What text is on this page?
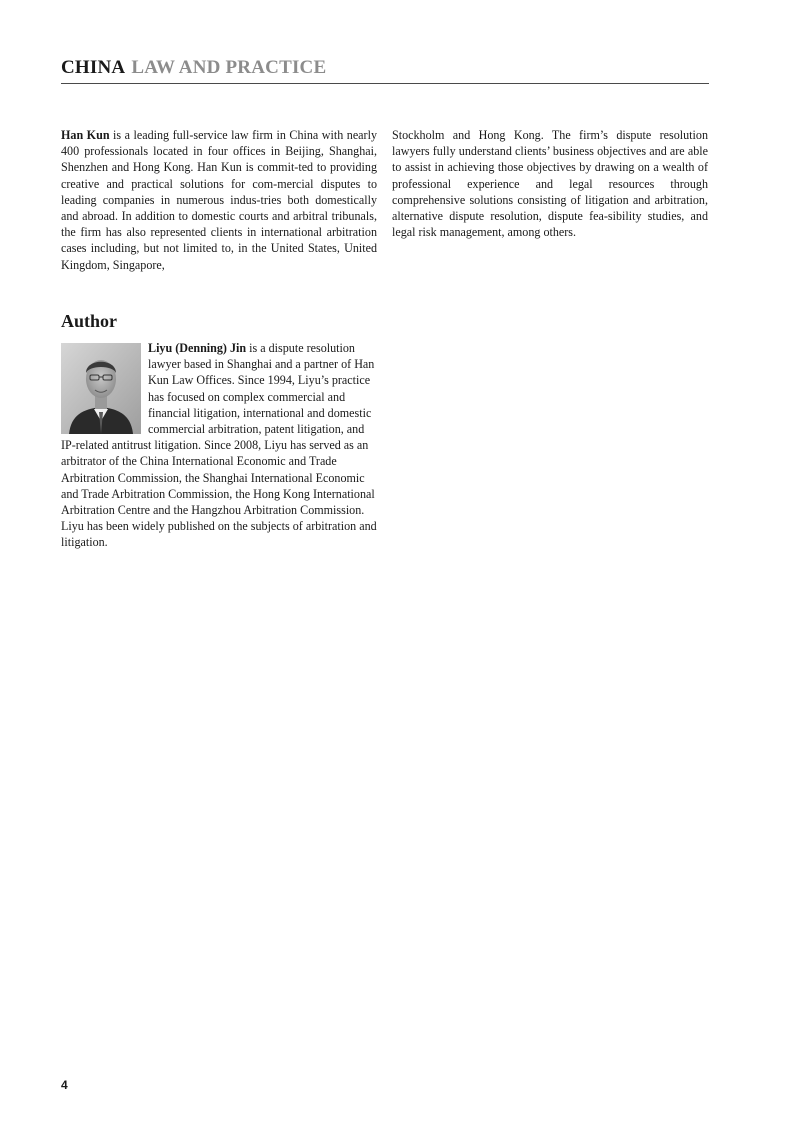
CHINA LAW AND PRACTICE

Han Kun is a leading full-service law firm in China with nearly 400 professionals located in four offices in Beijing, Shanghai, Shenzhen and Hong Kong. Han Kun is commit-ted to providing creative and practical solutions for com-mercial disputes to leading companies in numerous indus-tries both domestically and abroad. In addition to domestic courts and arbitral tribunals, the firm has also represented clients in international arbitration cases including, but not limited to, in the United States, United Kingdom, Singapore,

Stockholm and Hong Kong. The firm’s dispute resolution lawyers fully understand clients’ business objectives and are able to assist in achieving those objectives by drawing on a wealth of professional experience and legal resources through comprehensive solutions consisting of litigation and arbitration, alternative dispute resolution, dispute fea-sibility studies, and legal risk management, among others.

Author

Liyu (Denning) Jin is a dispute resolution lawyer based in Shanghai and a partner of Han Kun Law Offices. Since 1994, Liyu’s practice has focused on complex commercial and financial litigation, international and domestic commercial arbitration, patent litigation, and IP-related antitrust litigation. Since 2008, Liyu has served as an arbitrator of the China International Economic and Trade Arbitration Commission, the Shanghai International Economic and Trade Arbitration Commission, the Hong Kong International Arbitration Centre and the Hangzhou Arbitration Commission. Liyu has been widely published on the subjects of arbitration and litigation.

4
